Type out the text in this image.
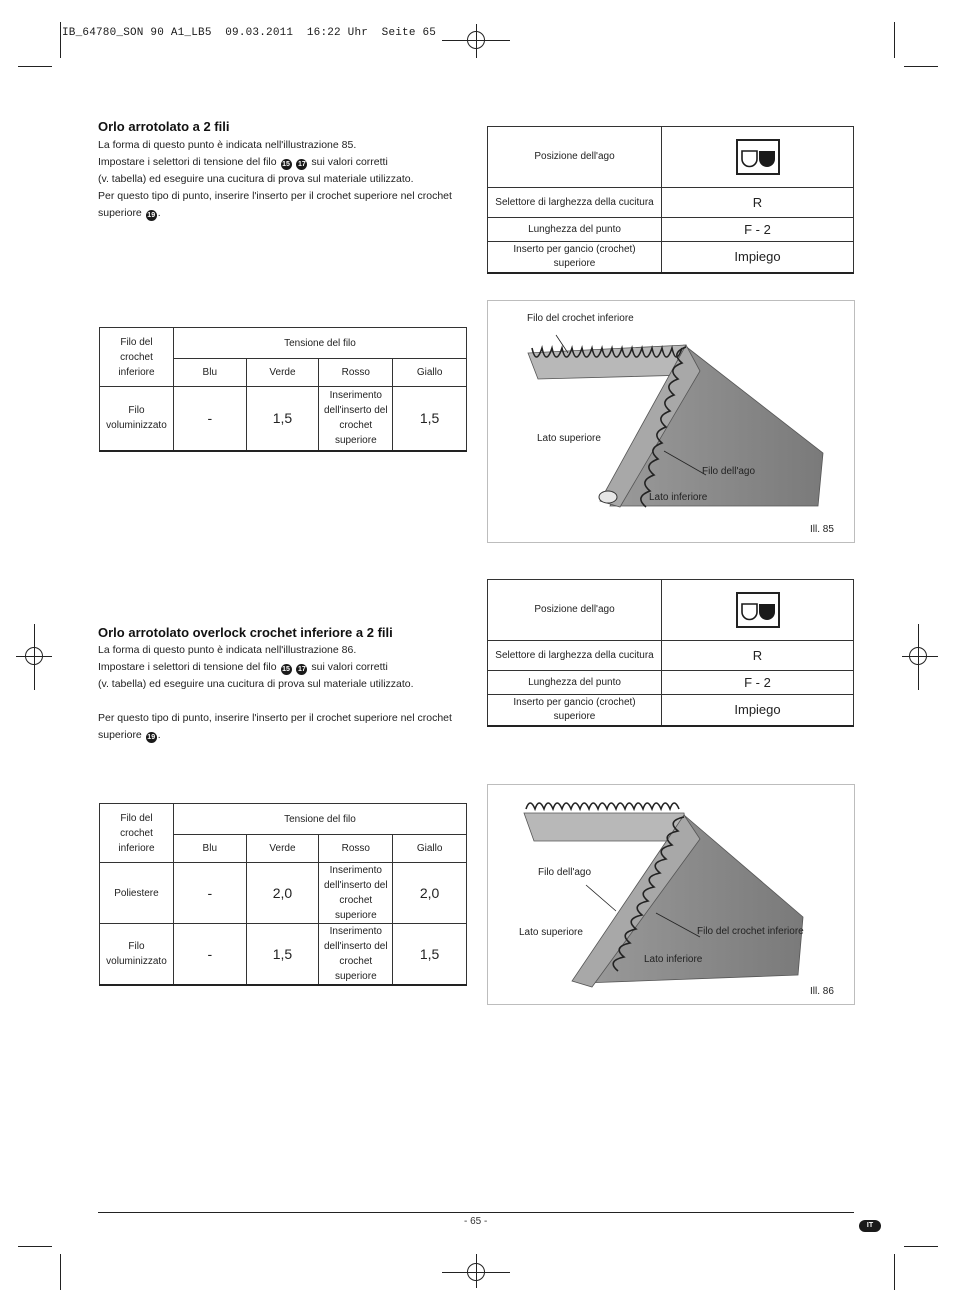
IB_64780_SON 90 A1_LB5  09.03.2011  16:22 Uhr  Seite 65
Orlo arrotolato a 2 fili
La forma di questo punto è indicata nell'illustrazione 85.
Impostare i selettori di tensione del filo 15 17 sui valori corretti
(v. tabella) ed eseguire una cucitura di prova sul materiale utilizzato.
Per questo tipo di punto, inserire l'inserto per il crochet superiore nel crochet
superiore 19 .
Posizione dell'ago	
Selettore di larghezza della cucitura	R
Lunghezza del punto	F - 2
Inserto per gancio (crochet) superiore	Impiego
Filo del crochet inferiore	Tensione del filo			
	Blu	Verde	Rosso	Giallo
Filo voluminizzato	-	1,5	Inserimento dell'inserto del crochet superiore	1,5
Filo del crochet inferiore
Lato superiore
Filo dell'ago
Lato inferiore
Ill. 85
Orlo arrotolato overlock crochet inferiore a 2 fili
La forma di questo punto è indicata nell'illustrazione 86.
Impostare i selettori di tensione del filo 15 17 sui valori corretti
(v. tabella) ed eseguire una cucitura di prova sul materiale utilizzato.
Per questo tipo di punto, inserire l'inserto per il crochet superiore nel crochet
superiore 19 .
Posizione dell'ago	
Selettore di larghezza della cucitura	R
Lunghezza del punto	F - 2
Inserto per gancio (crochet) superiore	Impiego
Filo del crochet inferiore	Tensione del filo			
	Blu	Verde	Rosso	Giallo
Poliestere	-	2,0	Inserimento dell'inserto del crochet superiore	2,0
Filo voluminizzato	-	1,5	Inserimento dell'inserto del crochet superiore	1,5
Filo dell'ago
Lato superiore	Filo del crochet inferiore
Lato inferiore
Ill. 86
- 65 -	IT
